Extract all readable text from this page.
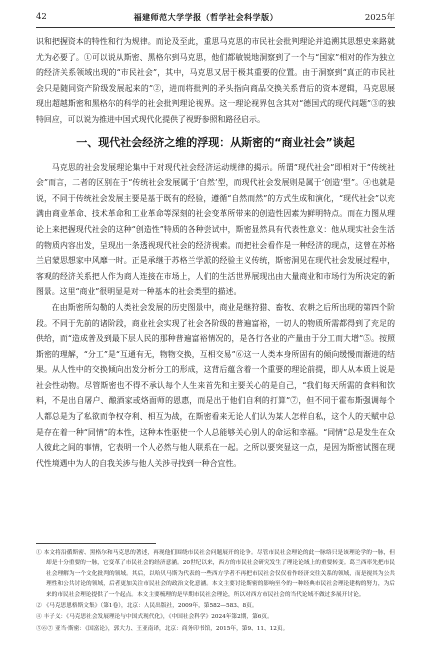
42	福建师范大学学报（哲学社会科学版）	2025年

识和把握资本的特性和行为规律。而论及至此，重思马克思的市民社会批判理论并追溯其思想史来路就尤为必要了。①可以说从斯密、黑格尔到马克思，他们都敏锐地洞察到了一个与“国家”相对的作为独立的经济关系领域出现的“市民社会”，其中，马克思又居于极其重要的位置。由于洞察到“真正的市民社会只是随同资产阶级发展起来的”②，进而将批判的矛头指向商品交换关系背后的资本逻辑，马克思展现出超越斯密和黑格尔的科学的社会批判理论视界。这一理论视界包含其对“德国式的现代问题”③的独特回应，可以说为推进中国式现代化提供了视野参照和路径启示。

一、现代社会经济之维的浮现：从斯密的“商业社会”谈起

马克思的社会发展理论集中于对现代社会经济运动规律的揭示。所谓“现代社会”即相对于“传统社会”而言，二者的区别在于“传统社会发展属于‘自然’型，而现代社会发展则是属于‘创造’型”。④也就是说，不同于传统社会发展主要是基于既有的经验，遵循“自然而然”的方式生成和演化，“现代社会”以充满由商业革命、技术革命和工业革命等深刻的社会变革所带来的创造性因素为鲜明特点。而在力图从理论上来把握现代社会的这种“创造性”特质的各种尝试中，斯密显然具有代表性意义：他从现实社会生活的物质内容出发，呈现出一条透视现代社会的经济视索。而把社会看作是一种经济的现点，这曾在苏格兰启蒙思想家中风靡一时。正是承继于苏格兰学派的经验主义传统，斯密洞见在现代社会发展过程中，客观的经济关系把人作为商人连接在市场上，人们的生活世界展现出由大量商业和市场行为所决定的新图景。这里“商业”很明显是对一种基本的社会类型的描述。

在由斯密所勾勒的人类社会发展的历史图景中，商业是继狩猎、畜牧、农耕之后所出现的第四个阶段。不同于先前的诸阶段，商业社会实现了社会各阶级的普遍富裕，一切人的物质所需都得到了充足的供给，而“造成普及到最下层人民的那种普遍富裕情况的，是各行各业的产量由于分工而大增”⑤。按照斯密的理解，“分工”是“互通有无，物物交换，互相交易”⑥这一人类本身所固有的倾向缓慢而渐进的结果。从人性中的交换倾向出发分析分工的形成，这背后蕴含着一个重要的理论前提，即人从本质上说是社会性动物。尽管斯密也不得不承认每个人生来首先和主要关心的是自己，“我们每天所需的食料和饮料，不是出自屠户、酿酒家或烙面师的恩惠，而是出于他们自利的打算”⑦，但不同于霍布斯强调每个人都总是为了私欲而争权夺利、相互为战，在斯密看来无论人们认为某人怎样自私，这个人的天赋中总是存在着一种“同情”的本性，这种本性驱使一个人总能够关心别人的命运和幸福。“同情”总是发生在众人彼此之间的事情，它表明一个人必然与他人联系在一起。之所以要突显这一点，是因为斯密试图在现代性境遇中为人的自我关涉与他人关涉寻找到一种合宜性。

① 本文将沿循斯密、黑格尔和马克思的著述，再现他们围绕市民社会问题展开的论争。尽管市民社会理论的此一脉络只是该理论学的一脉，但却是十分重要的一脉，它变革了市民社会的经济意涵。20世纪以来，西方的市民社会研究发生了理论论域上的重要转变。葛兰西率先把市民社会理解为一个文化批判的领域。其后，以哈贝马斯为代表的一些西方学者不再把市民社会仅仅看作经济交往关系的领域，而是视其为公共理性和公共讨论的领域，后者更加关注市民社会的政治文化意涵。本文主要讨论斯密的影响至今的一种经典市民社会理论建构的努力，为后来的市民社会理论提供了一个起点。本文主要梳理的是早期市民社会理论，所以对西方市民社会的当代论域不做过多展开讨论。

② 《马克思恩格斯文集》（第1卷），北京：人民出版社，2009年，第582—583、8页。

④ 丰子义：《马克思社会发展理论与中国式现代化》，《中国社会科学》2024年第2期，第6页。

⑤⑥⑦ 亚当·斯密：《国富论》，郭大力、王亚南译，北京：商务印书馆，2015年，第9、11、12页。
